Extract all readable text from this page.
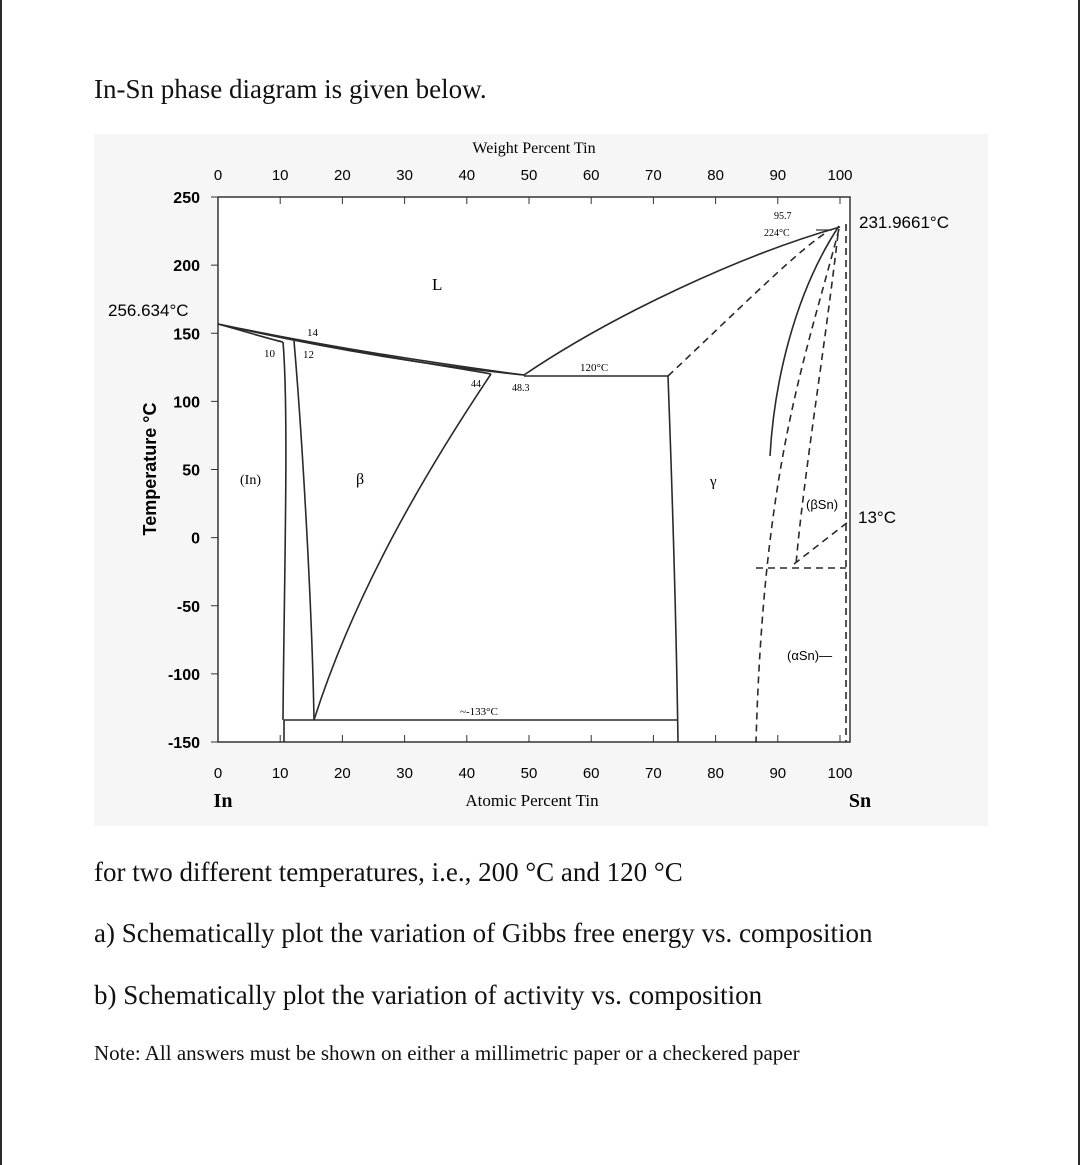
In-Sn phase diagram is given below.

Weight Percent Tin
0	10	20	30	40	50	60	70	80	90	100
0	10	20	30	40	50	60	70	80	90	100
250
200
150
100
50
0
-50
-100
-150
Atomic Percent Tin
In	Sn
Temperature °C
256.634°C
231.9661°C
13°C
95.7
224°C
L
14
10	12
44	48.3
120°C
(In)	β	γ
(βSn)
(αSn)—
~-133°C

for two different temperatures, i.e., 200 °C and 120 °C

a) Schematically plot the variation of Gibbs free energy vs. composition

b) Schematically plot the variation of activity vs. composition

Note: All answers must be shown on either a millimetric paper or a checkered paper
